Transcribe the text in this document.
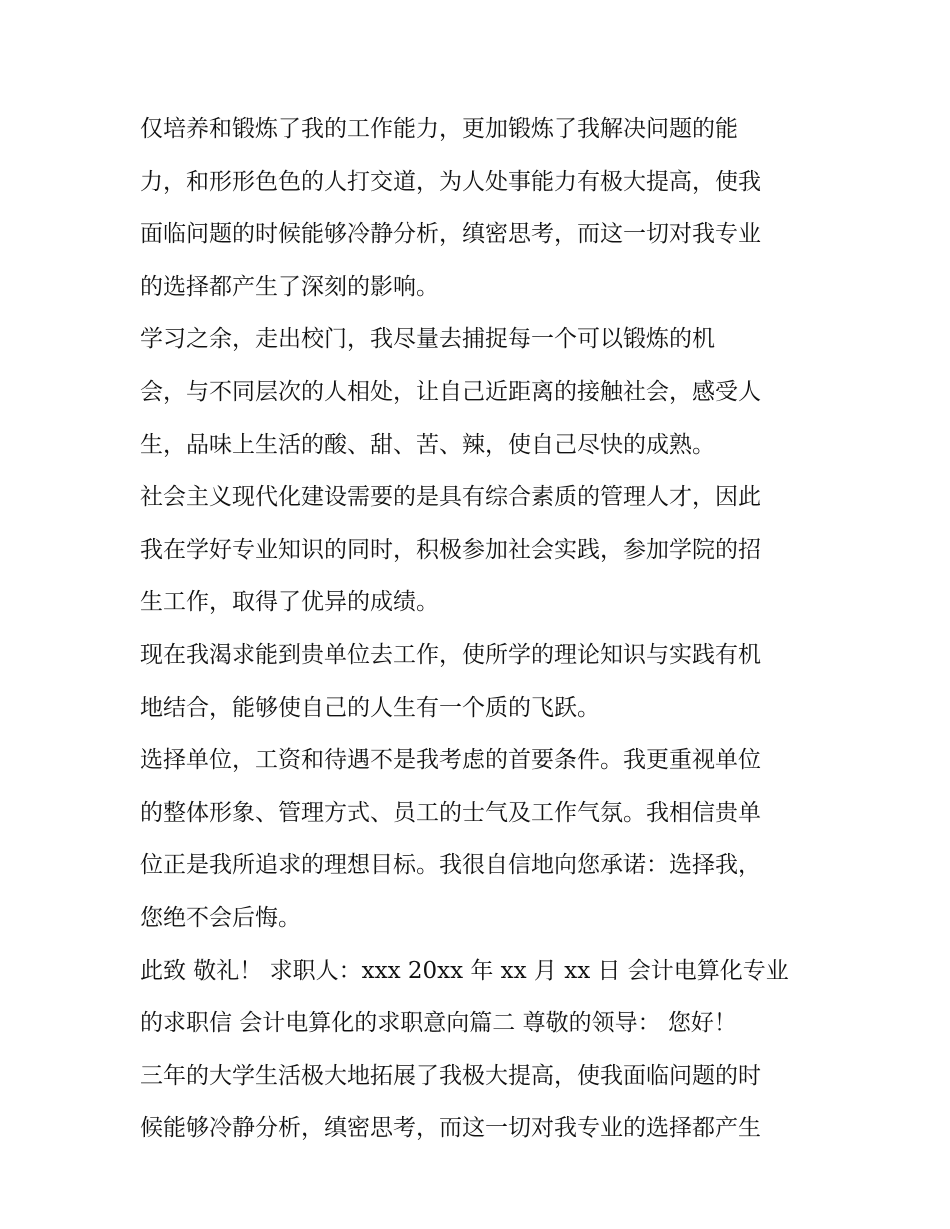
仅培养和锻炼了我的工作能力，更加锻炼了我解决问题的能
力，和形形色色的人打交道，为人处事能力有极大提高，使我
面临问题的时候能够冷静分析，缜密思考，而这一切对我专业
的选择都产生了深刻的影响。
学习之余，走出校门，我尽量去捕捉每一个可以锻炼的机
会，与不同层次的人相处，让自己近距离的接触社会，感受人
生，品味上生活的酸、甜、苦、辣，使自己尽快的成熟。
社会主义现代化建设需要的是具有综合素质的管理人才，因此
我在学好专业知识的同时，积极参加社会实践，参加学院的招
生工作，取得了优异的成绩。
现在我渴求能到贵单位去工作，使所学的理论知识与实践有机
地结合，能够使自己的人生有一个质的飞跃。
选择单位，工资和待遇不是我考虑的首要条件。我更重视单位
的整体形象、管理方式、员工的士气及工作气氛。我相信贵单
位正是我所追求的理想目标。我很自信地向您承诺：选择我，
您绝不会后悔。
此致 敬礼！ 求职人：xxx 20xx 年 xx 月 xx 日 会计电算化专业
的求职信 会计电算化的求职意向篇二 尊敬的领导： 您好！
三年的大学生活极大地拓展了我极大提高，使我面临问题的时
候能够冷静分析，缜密思考，而这一切对我专业的选择都产生
